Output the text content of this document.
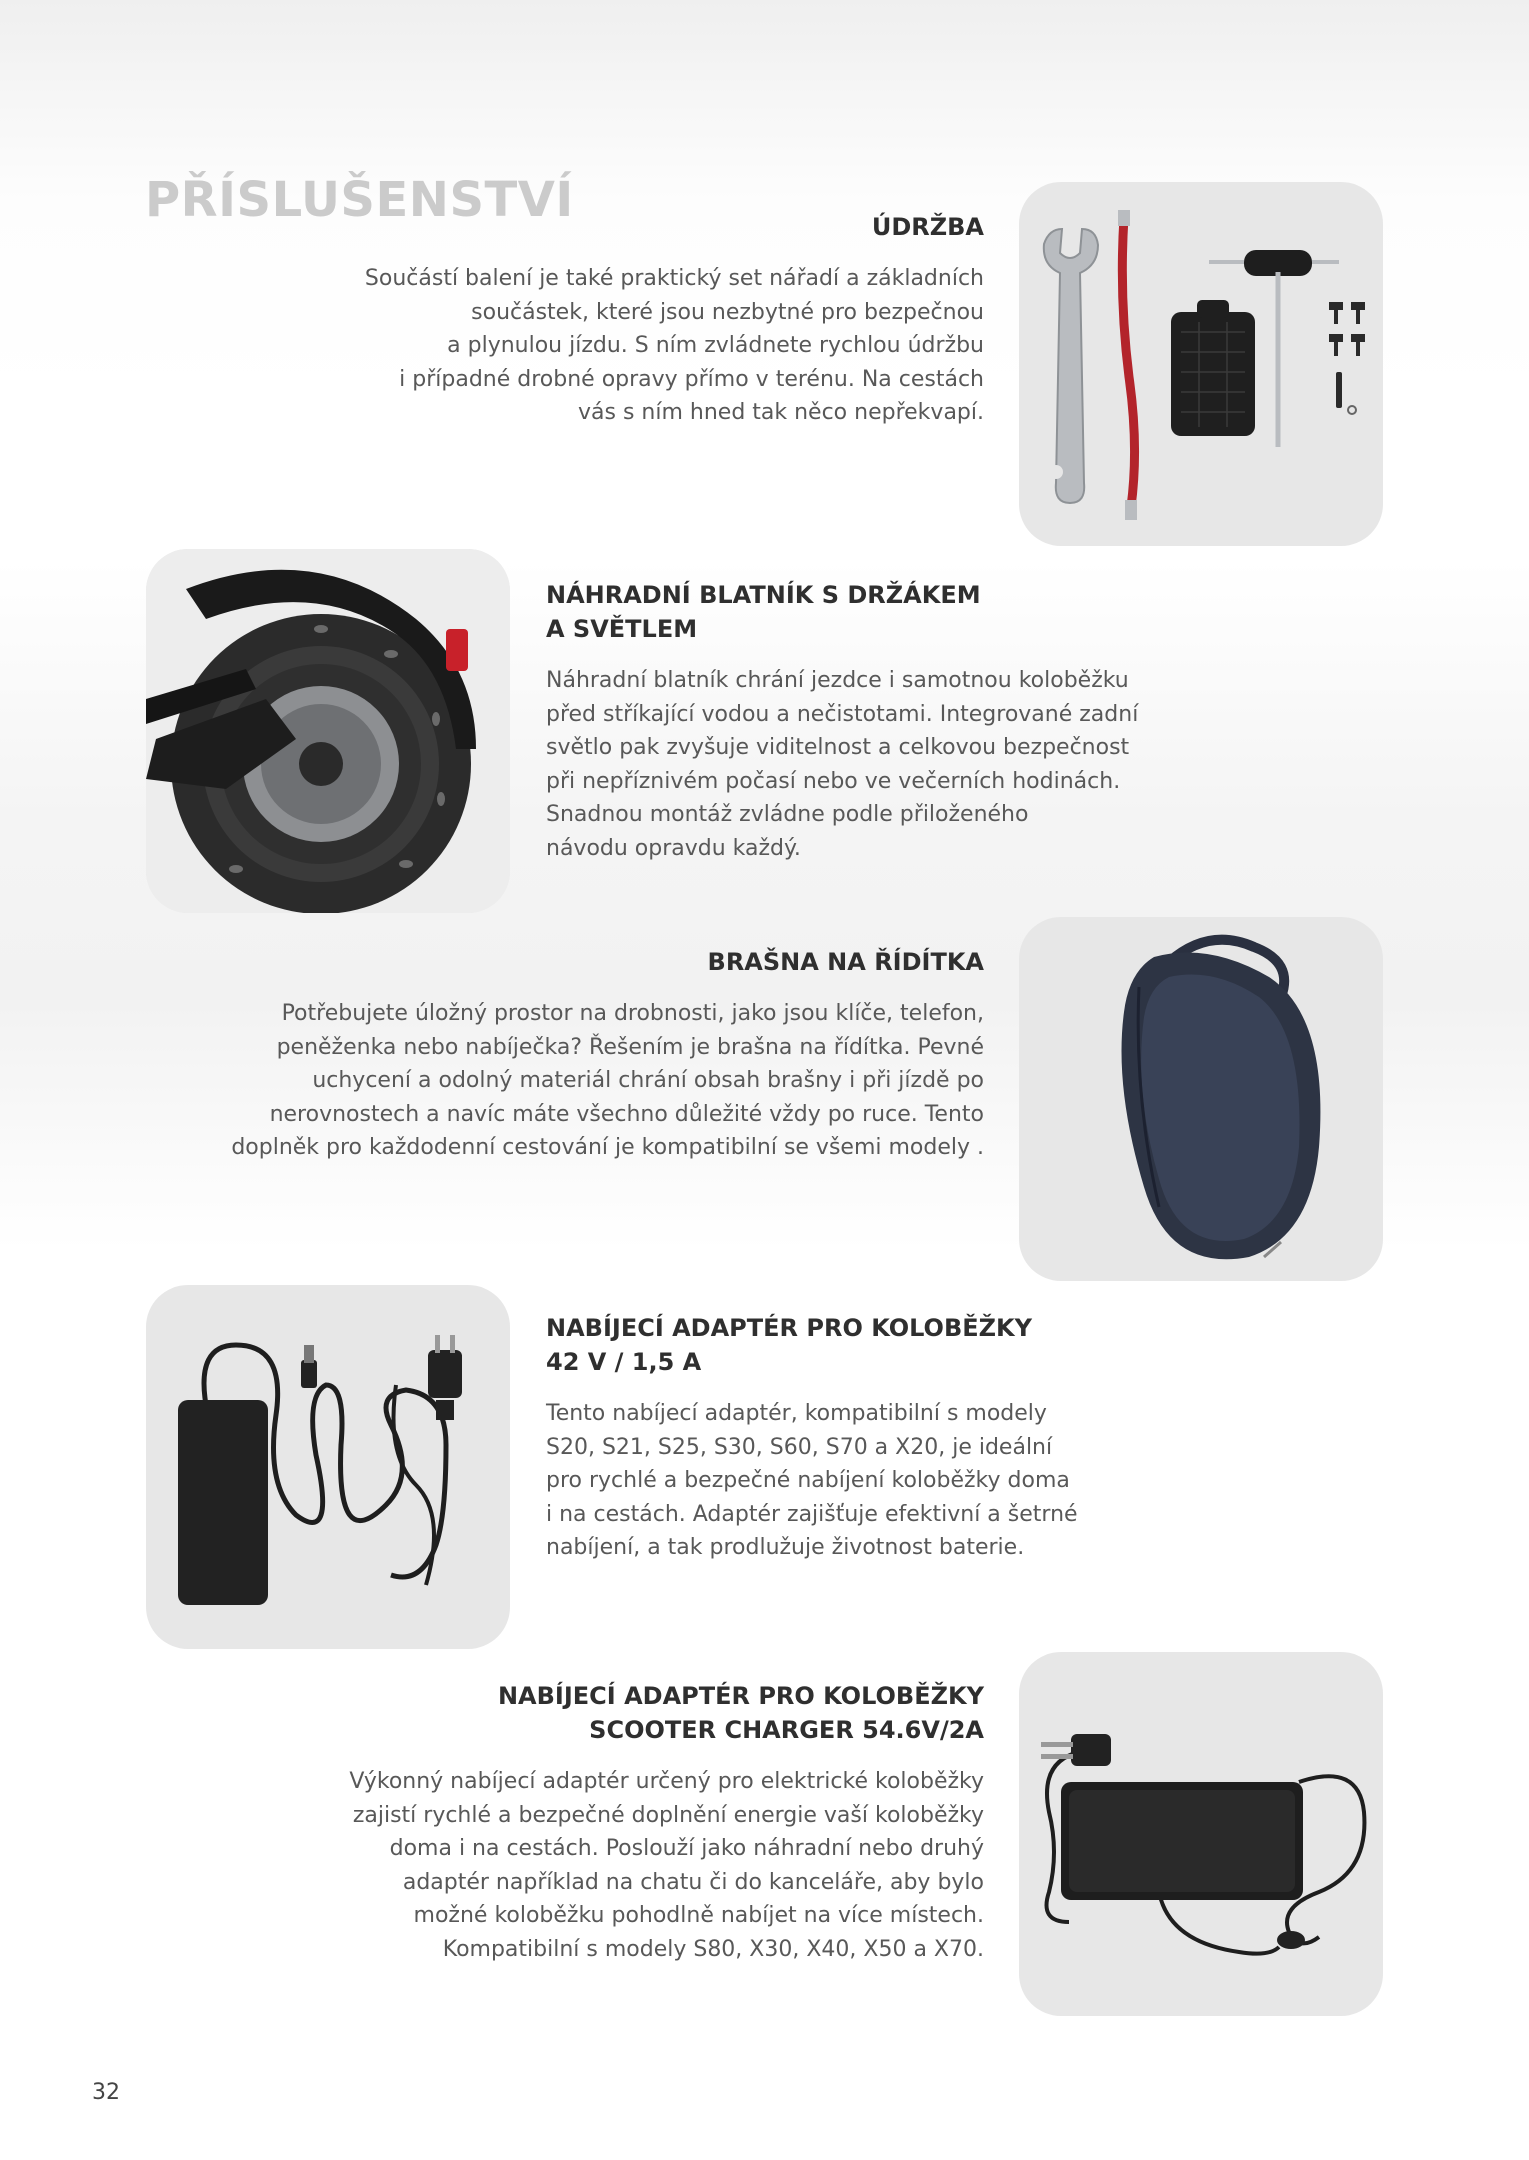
PŘÍSLUŠENSTVÍ	ÚDRŽBA

Součástí balení je také praktický set nářadí a základních
součástek, které jsou nezbytné pro bezpečnou
a plynulou jízdu. S ním zvládnete rychlou údržbu
i případné drobné opravy přímo v terénu. Na cestách
vás s ním hned tak něco nepřekvapí.

NÁHRADNÍ BLATNÍK S DRŽÁKEM
A SVĚTLEM

Náhradní blatník chrání jezdce i samotnou koloběžku
před stříkající vodou a nečistotami. Integrované zadní
světlo pak zvyšuje viditelnost a celkovou bezpečnost
při nepříznivém počasí nebo ve večerních hodinách.
Snadnou montáž zvládne podle přiloženého
návodu opravdu každý.

BRAŠNA NA ŘÍDÍTKA

Potřebujete úložný prostor na drobnosti, jako jsou klíče, telefon,
peněženka nebo nabíječka? Řešením je brašna na řídítka. Pevné
uchycení a odolný materiál chrání obsah brašny i při jízdě po
nerovnostech a navíc máte všechno důležité vždy po ruce. Tento
doplněk pro každodenní cestování je kompatibilní se všemi modely .

NABÍJECÍ ADAPTÉR PRO KOLOBĚŽKY
42 V / 1,5 A

Tento nabíjecí adaptér, kompatibilní s modely
S20, S21, S25, S30, S60, S70 a X20, je ideální
pro rychlé a bezpečné nabíjení koloběžky doma
i na cestách. Adaptér zajišťuje efektivní a šetrné
nabíjení, a tak prodlužuje životnost baterie.

NABÍJECÍ ADAPTÉR PRO KOLOBĚŽKY
SCOOTER CHARGER 54.6V/2A

Výkonný nabíjecí adaptér určený pro elektrické koloběžky
zajistí rychlé a bezpečné doplnění energie vaší koloběžky
doma i na cestách. Poslouží jako náhradní nebo druhý
adaptér například na chatu či do kanceláře, aby bylo
možné koloběžku pohodlně nabíjet na více místech.
Kompatibilní s modely S80, X30, X40, X50 a X70.

32
